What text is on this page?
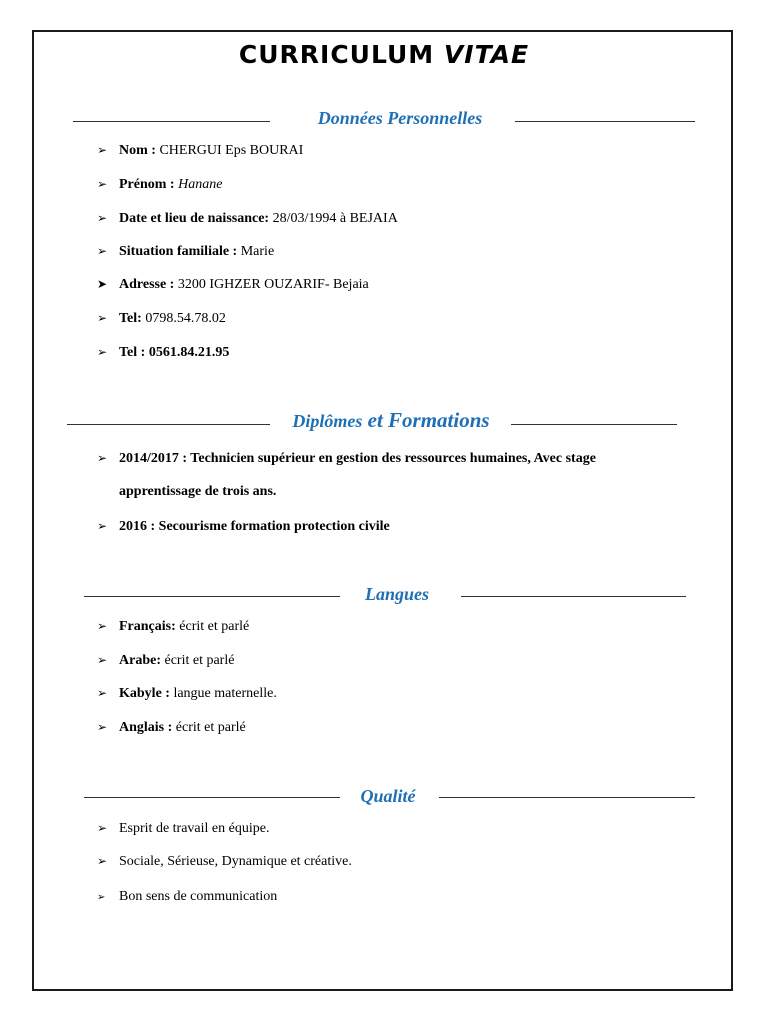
CURRICULUM VITAE
Données Personnelles
➢ Nom : CHERGUI Eps BOURAI
➢ Prénom : Hanane
➢ Date et lieu de naissance: 28/03/1994 à BEJAIA
➢ Situation familiale : Marie
➤ Adresse : 3200 IGHZER OUZARIF- Bejaia
➢ Tel: 0798.54.78.02
➢ Tel : 0561.84.21.95
Diplômes et Formations
➢ 2014/2017 : Technicien supérieur en gestion des ressources humaines, Avec stage
apprentissage de trois ans.
➢ 2016 : Secourisme formation protection civile
Langues
➢ Français: écrit et parlé
➢ Arabe: écrit et parlé
➢ Kabyle : langue maternelle.
➢ Anglais : écrit et parlé
Qualité
➢ Esprit de travail en équipe.
➢ Sociale, Sérieuse, Dynamique et créative.
➢ Bon sens de communication
